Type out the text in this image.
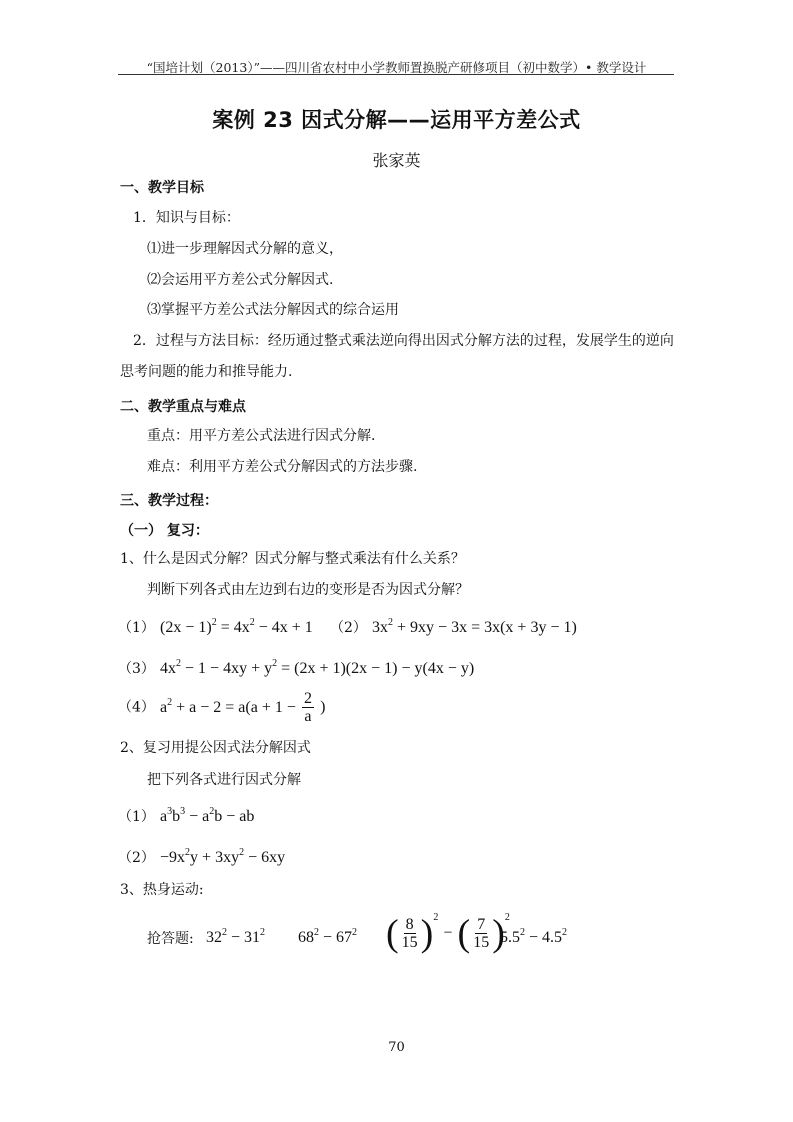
“国培计划（2013）”——四川省农村中小学教师置换脱产研修项目（初中数学）• 教学设计
案例 23 因式分解——运用平方差公式
张家英
一、教学目标
1．知识与目标：
⑴进一步理解因式分解的意义，
⑵会运用平方差公式分解因式.
⑶掌握平方差公式法分解因式的综合运用
2．过程与方法目标：经历通过整式乘法逆向得出因式分解方法的过程，发展学生的逆向
思考问题的能力和推导能力.
二、教学重点与难点
重点：用平方差公式法进行因式分解.
难点：利用平方差公式分解因式的方法步骤.
三、教学过程：
（一） 复习：
1、什么是因式分解？因式分解与整式乘法有什么关系？
判断下列各式由左边到右边的变形是否为因式分解？
（1） $(2x - 1)^2 = 4x^2 - 4x + 1$ （2） $3x^2 + 9xy - 3x = 3x(x + 3y - 1)$
（3） $4x^2 - 1 - 4xy + y^2 = (2x + 1)(2x - 1) - y(4x - y)$
（4） $a^2 + a - 2 = a(a + 1 - \frac{2}{a}$ )
2、复习用提公因式法分解因式
把下列各式进行因式分解
（1） $a^3b^3 - a^2b$ − ab
$(2) -9x^2y + 3xy^2 - 6xy$
3、热身运动:
抢答题: $32^2 - 31^2$ $68^2 - 67^2$ ( $\frac{8}{15} )^2$ − ( $\frac{7}{15} )^2$
$5.5^2 - 4.5^2$
70
